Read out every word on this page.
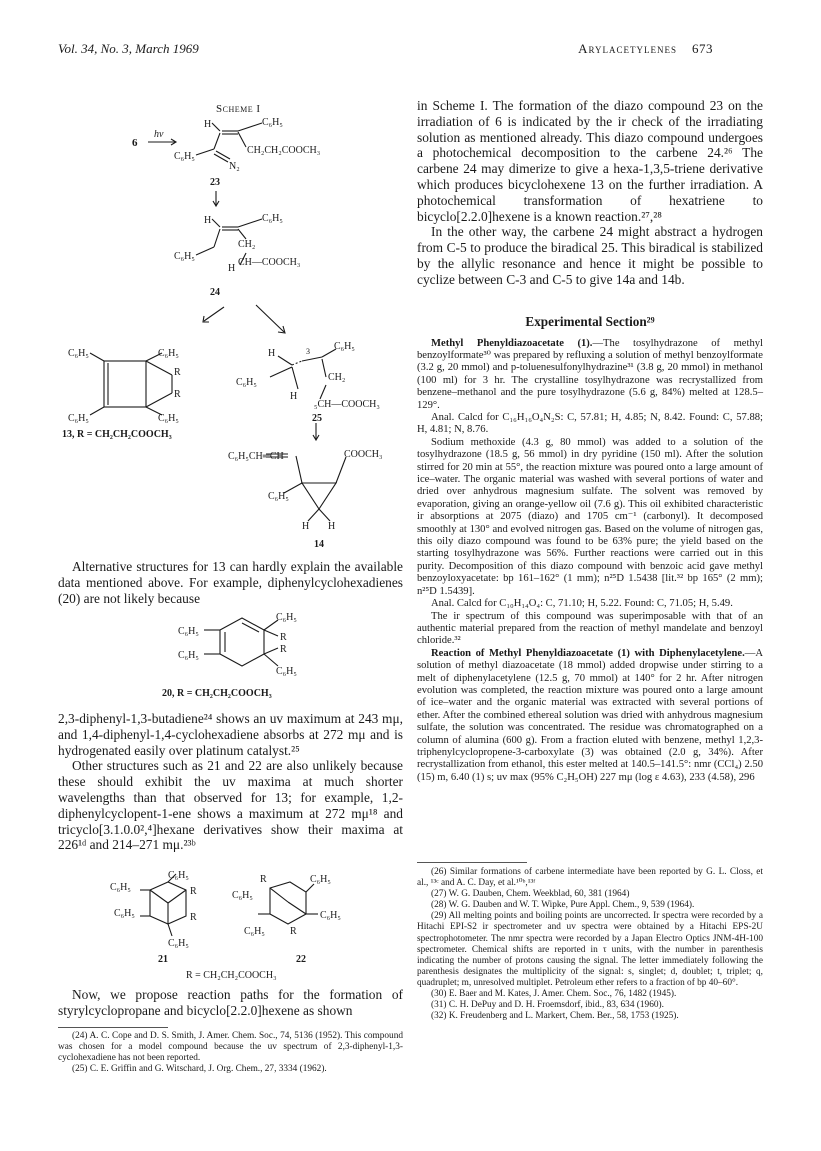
Vol. 34, No. 3, March 1969	Arylacetylenes 673
Scheme I
H	C₆H₅
CH₂CH₂COOCH₃
6
hν
C₆H₅
N₂
23
H	C₆H₅
C₆H₅
CH₂
H
CH—COOCH₃
24
C₆H₅	C₆H₅
R
R
C₆H₅	C₆H₅
13, R = CH₂CH₂COOCH₃
H	3 C₆H₅
C₆H₅	CH₂
H
₅CH—COOCH₃
25
C₆H₅CH═CH	COOCH₃
C₆H₅
H H
14

Alternative structures for 13 can hardly explain the available data mentioned above. For example, diphenylcyclohexadienes (20) are not likely because

C₆H₅
C₆H₅
C₆H₅
R
R
C₆H₅
20, R = CH₂CH₂COOCH₃

2,3-diphenyl-1,3-butadiene²⁴ shows an uv maximum at 243 mμ, and 1,4-diphenyl-1,4-cyclohexadiene absorbs at 272 mμ and is hydrogenated easily over platinum catalyst.²⁵

Other structures such as 21 and 22 are also unlikely because these should exhibit the uv maxima at much shorter wavelengths than that observed for 13; for example, 1,2-diphenylcyclopent-1-ene shows a maximum at 272 mμ¹⁸ and tricyclo[3.1.0.0²,⁴]hexane derivatives show their maxima at 226¹ᵈ and 214–271 mμ.²³ᵇ

C₆H₅
C₆H₅	R
R
C₆H₅
C₆H₅
21
R	C₆H₅
C₆H₅
C₆H₅
C₆H₅	R
22
R = CH₂CH₂COOCH₃

Now, we propose reaction paths for the formation of styrylcyclopropane and bicyclo[2.2.0]hexene as shown

(24) A. C. Cope and D. S. Smith, J. Amer. Chem. Soc., 74, 5136 (1952). This compound was chosen for a model compound because the uv spectrum of 2,3-diphenyl-1,3-cyclohexadiene has not been reported.

(25) C. E. Griffin and G. Witschard, J. Org. Chem., 27, 3334 (1962).

in Scheme I. The formation of the diazo compound 23 on the irradiation of 6 is indicated by the ir check of the irradiating solution as mentioned already. This diazo compound undergoes a photochemical decomposition to the carbene 24.²⁶ The carbene 24 may dimerize to give a hexa-1,3,5-triene derivative which produces bicyclohexene 13 on the further irradiation. A photochemical transformation of hexatriene to bicyclo[2.2.0]hexene is a known reaction.²⁷,²⁸

In the other way, the carbene 24 might abstract a hydrogen from C-5 to produce the biradical 25. This biradical is stabilized by the allylic resonance and hence it might be possible to cyclize between C-3 and C-5 to give 14a and 14b.

Experimental Section²⁹

Methyl Phenyldiazoacetate (1).—The tosylhydrazone of methyl benzoylformate³⁰ was prepared by refluxing a solution of methyl benzoylformate (3.2 g, 20 mmol) and p-toluenesulfonylhydrazine³¹ (3.8 g, 20 mmol) in methanol (100 ml) for 3 hr. The crystalline tosylhydrazone was recrystallized from benzene–methanol and the pure tosylhydrazone (5.6 g, 84%) melted at 128.5–129°.

Anal. Calcd for C₁₆H₁₆O₄N₂S: C, 57.81; H, 4.85; N, 8.42. Found: C, 57.88; H, 4.81; N, 8.76.

Sodium methoxide (4.3 g, 80 mmol) was added to a solution of the tosylhydrazone (18.5 g, 56 mmol) in dry pyridine (150 ml). After the solution stirred for 20 min at 55°, the reaction mixture was poured onto a large amount of ice–water. The organic material was washed with several portions of water and dried over anhydrous magnesium sulfate. The solvent was removed by evaporation, giving an orange-yellow oil (7.6 g). This oil exhibited characteristic ir absorptions at 2075 (diazo) and 1705 cm⁻¹ (carbonyl). It decomposed smoothly at 130° and evolved nitrogen gas. Based on the volume of nitrogen gas, this oily diazo compound was found to be 63% pure; the yield based on the starting tosylhydrazone was 56%. Further reactions were carried out in this purity. Decomposition of this diazo compound with benzoic acid gave methyl benzoyloxyacetate: bp 161–162° (1 mm); n²⁵D 1.5438 [lit.³² bp 165° (2 mm); n²⁵D 1.5439].

Anal. Calcd for C₁₀H₁₄O₄: C, 71.10; H, 5.22. Found: C, 71.05; H, 5.49.

The ir spectrum of this compound was superimposable with that of an authentic material prepared from the reaction of methyl mandelate and benzoyl chloride.³²

Reaction of Methyl Phenyldiazoacetate (1) with Diphenylacetylene.—A solution of methyl diazoacetate (18 mmol) added dropwise under stirring to a melt of diphenylacetylene (12.5 g, 70 mmol) at 140° for 2 hr. After nitrogen evolution was completed, the reaction mixture was poured onto a large amount of ice–water and the organic material was extracted with several portions of ether. After the combined ethereal solution was dried with anhydrous magnesium sulfate, the solution was concentrated. The residue was chromatographed on a column of alumina (600 g). From a fraction eluted with benzene, methyl 1,2,3-triphenylcyclopropene-3-carboxylate (3) was obtained (2.0 g, 34%). After recrystallization from ethanol, this ester melted at 140.5–141.5°: nmr (CCl₄) 2.50 (15) m, 6.40 (1) s; uv max (95% C₂H₅OH) 227 mμ (log ε 4.63), 233 (4.58), 296

(26) Similar formations of carbene intermediate have been reported by G. L. Closs, et al., ¹³ᶜ and A. C. Day, et al.¹⁰ᵇ,¹³ᶠ

(27) W. G. Dauben, Chem. Weekblad, 60, 381 (1964)

(28) W. G. Dauben and W. T. Wipke, Pure Appl. Chem., 9, 539 (1964).

(29) All melting points and boiling points are uncorrected. Ir spectra were recorded by a Hitachi EPI-S2 ir spectrometer and uv spectra were obtained by a Hitachi EPS-2U spectrophotometer. The nmr spectra were recorded by a Japan Electro Optics JNM-4H-100 spectrometer. Chemical shifts are reported in τ units, with the number in parenthesis indicating the number of protons causing the signal. The letter immediately following the parenthesis designates the multiplicity of the signal: s, singlet; d, doublet; t, triplet; q, quadruplet; m, unresolved multiplet. Petroleum ether refers to a fraction of bp 40–60°.

(30) E. Baer and M. Kates, J. Amer. Chem. Soc., 76, 1482 (1945).

(31) C. H. DePuy and D. H. Froemsdorf, ibid., 83, 634 (1960).

(32) K. Freudenberg and L. Markert, Chem. Ber., 58, 1753 (1925).
